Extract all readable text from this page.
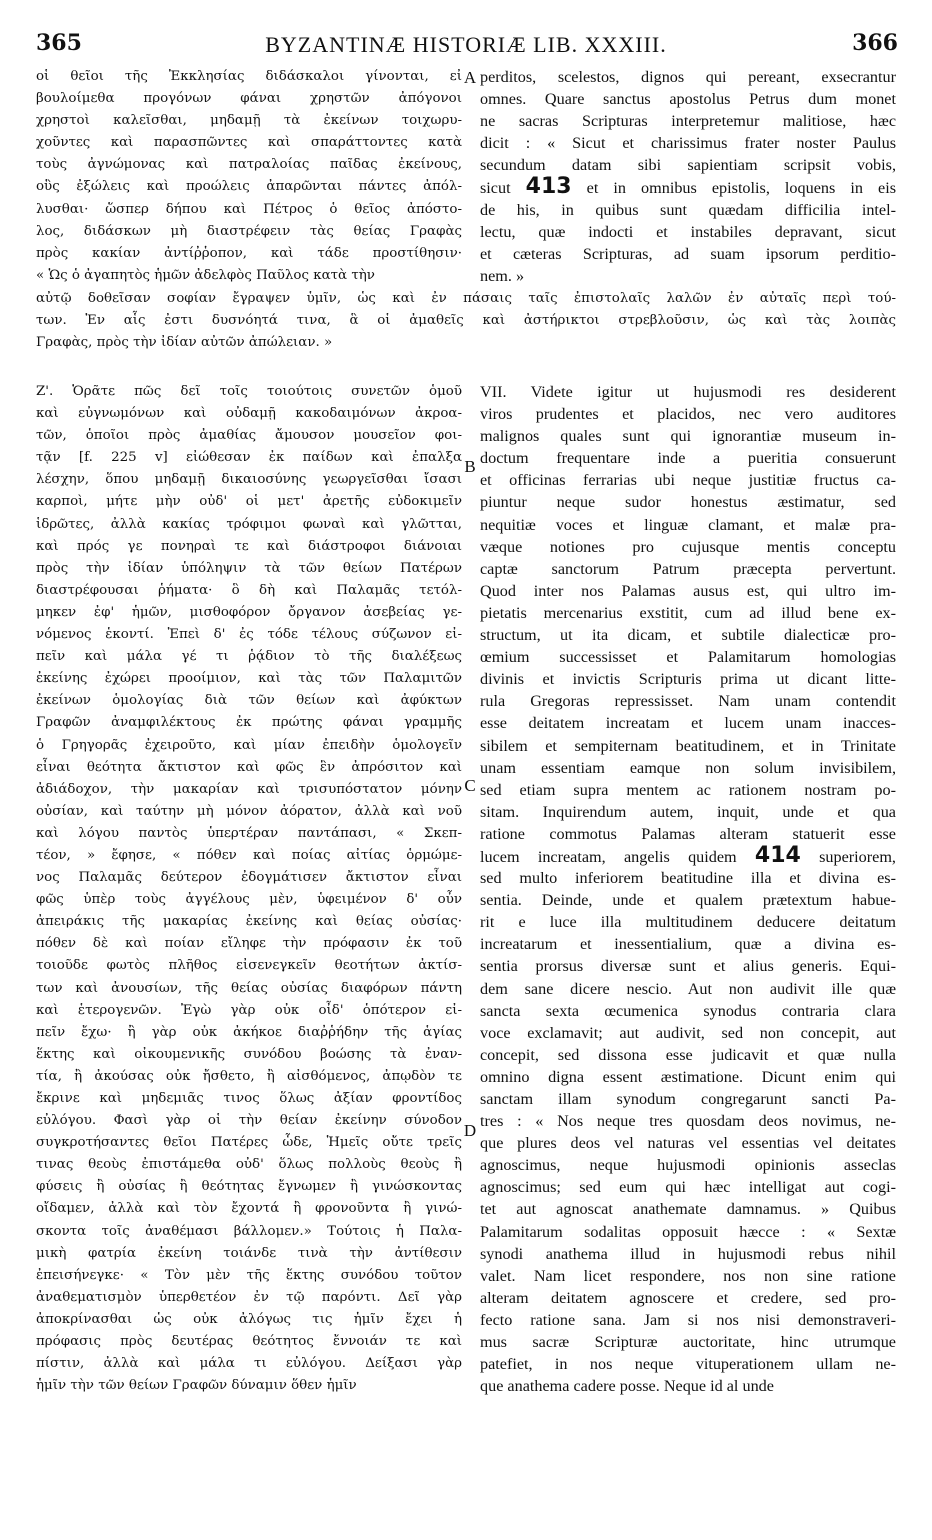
365	BYZANTINÆ HISTORIÆ LIB. XXXIII.	366
οἱ θεῖοι τῆς Ἐκκλησίας διδάσκαλοι γίνονται, εἰ
βουλοίμεθα προγόνων φάναι χρηστῶν ἀπόγονοι
χρηστοὶ καλεῖσθαι, μηδαμῇ τὰ ἐκείνων τοιχωρυ-
χοῦντες καὶ παρασπῶντες καὶ σπαράττοντες κατὰ
τοὺς ἀγνώμονας καὶ πατραλοίας παῖδας ἐκείνους,
οὓς ἐξώλεις καὶ προώλεις ἀπαρῶνται πάντες ἀπόλ-
λυσθαι· ὥσπερ δήπου καὶ Πέτρος ὁ θεῖος ἀπόστο-
λος, διδάσκων μὴ διαστρέφειν τὰς θείας Γραφὰς
πρὸς κακίαν ἀντίῤῥοπον, καὶ τάδε προστίθησιν·
« Ὡς ὁ ἀγαπητὸς ἡμῶν ἀδελφὸς Παῦλος κατὰ τὴν
perditos, scelestos, dignos qui pereant, exsecrantur
omnes. Quare sanctus apostolus Petrus dum monet
ne sacras Scripturas interpretemur malitiose, hæc
dicit : « Sicut et charissimus frater noster Paulus
secundum datam sibi sapientiam scripsit vobis,
sicut 413 et in omnibus epistolis, loquens in eis
de his, in quibus sunt quædam difficilia intel-
lectu, quæ indocti et instabiles depravant, sicut
et cæteras Scripturas, ad suam ipsorum perditio-
nem. »
αὐτῷ δοθεῖσαν σοφίαν ἔγραψεν ὑμῖν, ὡς καὶ ἐν πάσαις ταῖς ἐπιστολαῖς λαλῶν ἐν αὐταῖς περὶ τού-
των. Ἐν αἷς ἐστι δυσνόητά τινα, ἃ οἱ ἀμαθεῖς καὶ ἀστήρικτοι στρεβλοῦσιν, ὡς καὶ τὰς λοιπὰς
Γραφὰς, πρὸς τὴν ἰδίαν αὐτῶν ἀπώλειαν. »
Ζ'. Ὁρᾶτε πῶς δεῖ τοῖς τοιούτοις συνετῶν ὁμοῦ
καὶ εὐγνωμόνων καὶ οὐδαμῇ κακοδαιμόνων ἀκροα-
τῶν, ὁποῖοι πρὸς ἀμαθίας ἄμουσον μουσεῖον φοι-
τᾷν [f. 225 v] εἰώθεσαν ἐκ παίδων καὶ ἐπαλξα
λέσχην, ὅπου μηδαμῇ δικαιοσύνης γεωργεῖσθαι ἴσασι
καρποὶ, μήτε μὴν οὐδ' οἱ μετ' ἀρετῆς εὐδοκιμεῖν
ἱδρῶτες, ἀλλὰ κακίας τρόφιμοι φωναὶ καὶ γλῶτται,
καὶ πρός γε πονηραὶ τε καὶ διάστροφοι διάνοιαι
πρὸς τὴν ἰδίαν ὑπόληψιν τὰ τῶν θείων Πατέρων
διαστρέφουσαι ῥήματα· ὃ δὴ καὶ Παλαμᾶς τετόλ-
μηκεν ἐφ' ἡμῶν, μισθοφόρον ὄργανον ἀσεβείας γε-
νόμενος ἑκοντί. Ἐπεὶ δ' ἐς τόδε τέλους σύζωνον εἰ-
πεῖν καὶ μάλα γέ τι ῥᾴδιον τὸ τῆς διαλέξεως
ἐκείνης ἐχώρει προοίμιον, καὶ τὰς τῶν Παλαμιτῶν
ἐκείνων ὁμολογίας διὰ τῶν θείων καὶ ἀφύκτων
Γραφῶν ἀναμφιλέκτους ἐκ πρώτης φάναι γραμμῆς
ὁ Γρηγορᾶς ἐχειροῦτο, καὶ μίαν ἐπειδὴν ὁμολογεῖν
εἶναι θεότητα ἄκτιστον καὶ φῶς ἓν ἀπρόσιτον καὶ
ἀδιάδοχον, τὴν μακαρίαν καὶ τρισυπόστατον μόνην
οὐσίαν, καὶ ταύτην μὴ μόνον ἀόρατον, ἀλλὰ καὶ νοῦ
καὶ λόγου παντὸς ὑπερτέραν παντάπασι, « Σκεπ-
τέον, » ἔφησε, « πόθεν καὶ ποίας αἰτίας ὁρμώμε-
νος Παλαμᾶς δεύτερον ἐδογμάτισεν ἄκτιστον εἶναι
φῶς ὑπὲρ τοὺς ἀγγέλους μὲν, ὑφειμένον δ' οὖν
ἀπειράκις τῆς μακαρίας ἐκείνης καὶ θείας οὐσίας·
πόθεν δὲ καὶ ποίαν εἴληφε τὴν πρόφασιν ἐκ τοῦ
τοιοῦδε φωτὸς πλῆθος εἰσενεγκεῖν θεοτήτων ἀκτίσ-
των καὶ ἀνουσίων, τῆς θείας οὐσίας διαφόρων πάντη
καὶ ἑτερογενῶν. Ἐγὼ γὰρ οὐκ οἶδ' ὁπότερον εἰ-
πεῖν ἔχω· ἢ γὰρ οὐκ ἀκήκοε διαῤῥήδην τῆς ἁγίας
ἕκτης καὶ οἰκουμενικῆς συνόδου βοώσης τὰ ἐναν-
τία, ἢ ἀκούσας οὐκ ἤσθετο, ἢ αἰσθόμενος, ἀπῳδὸν τε
ἔκρινε καὶ μηδεμιᾶς τινος ὅλως ἀξίαν φροντίδος
εὐλόγου. Φασὶ γὰρ οἱ τὴν θείαν ἐκείνην σύνοδον
συγκροτήσαντες θεῖοι Πατέρες ὧδε, Ἡμεῖς οὔτε τρεῖς
τινας θεοὺς ἐπιστάμεθα οὐδ' ὅλως πολλοὺς θεοὺς ἢ
φύσεις ἢ οὐσίας ἢ θεότητας ἔγνωμεν ἢ γινώσκοντας
οἴδαμεν, ἀλλὰ καὶ τὸν ἔχοντά ἢ φρονοῦντα ἢ γινώ-
σκοντα τοῖς ἀναθέμασι βάλλομεν.» Τούτοις ἡ Παλα-
μικὴ φατρία ἐκείνη τοιάνδε τινὰ τὴν ἀντίθεσιν
ἐπεισήνεγκε· « Τὸν μὲν τῆς ἕκτης συνόδου τοῦτον
ἀναθεματισμὸν ὑπερθετέον ἐν τῷ παρόντι. Δεῖ γὰρ
ἀποκρίνασθαι ὡς οὐκ ἀλόγως τις ἡμῖν ἔχει ἡ
πρόφασις πρὸς δευτέρας θεότητος ἔννοιάν τε καὶ
πίστιν, ἀλλὰ καὶ μάλα τι εὐλόγου. Δείξασι γὰρ
ἡμῖν τὴν τῶν θείων Γραφῶν δύναμιν ὅθεν ἡμῖν
VII. Videte igitur ut hujusmodi res desiderent
viros prudentes et placidos, nec vero auditores
malignos quales sunt qui ignorantiæ museum in-
doctum frequentare inde a pueritia consuerunt
et officinas ferrarias ubi neque justitiæ fructus ca-
piuntur neque sudor honestus æstimatur, sed
nequitiæ voces et linguæ clamant, et malæ pra-
væque notiones pro cujusque mentis conceptu
captæ sanctorum Patrum præcepta pervertunt.
Quod inter nos Palamas ausus est, qui ultro im-
pietatis mercenarius exstitit, cum ad illud bene ex-
structum, ut ita dicam, et subtile dialecticæ pro-
œmium successisset et Palamitarum homologias
divinis et invictis Scripturis prima ut dicant litte-
rula Gregoras repressisset. Nam unam contendit
esse deitatem increatam et lucem unam inacces-
sibilem et sempiternam beatitudinem, et in Trinitate
unam essentiam eamque non solum invisibilem,
sed etiam supra mentem ac rationem nostram po-
sitam. Inquirendum autem, inquit, unde et qua
ratione commotus Palamas alteram statuerit esse
lucem increatam, angelis quidem 414 superiorem,
sed multo inferiorem beatitudine illa et divina es-
sentia. Deinde, unde et qualem prætextum habue-
rit e luce illa multitudinem deducere deitatum
increatarum et inessentialium, quæ a divina es-
sentia prorsus diversæ sunt et alius generis. Equi-
dem sane dicere nescio. Aut non audivit ille quæ
sancta sexta œcumenica synodus contraria clara
voce exclamavit; aut audivit, sed non concepit, aut
concepit, sed dissona esse judicavit et quæ nulla
omnino digna essent æstimatione. Dicunt enim qui
sanctam illam synodum congregarunt sancti Pa-
tres : « Nos neque tres quosdam deos novimus, ne-
que plures deos vel naturas vel essentias vel deitates
agnoscimus, neque hujusmodi opinionis asseclas
agnoscimus; sed eum qui hæc intelligat aut cogi-
tet aut agnoscat anathemate damnamus. » Quibus
Palamitarum sodalitas opposuit hæcce : « Sextæ
synodi anathema illud in hujusmodi rebus nihil
valet. Nam licet respondere, nos non sine ratione
alteram deitatem agnoscere et credere, sed pro-
fecto ratione sana. Jam si nos nisi demonstraveri-
mus sacræ Scripturæ auctoritate, hinc utrumque
patefiet, in nos neque vituperationem ullam ne-
que anathema cadere posse. Neque id al unde
A
B
C
D
